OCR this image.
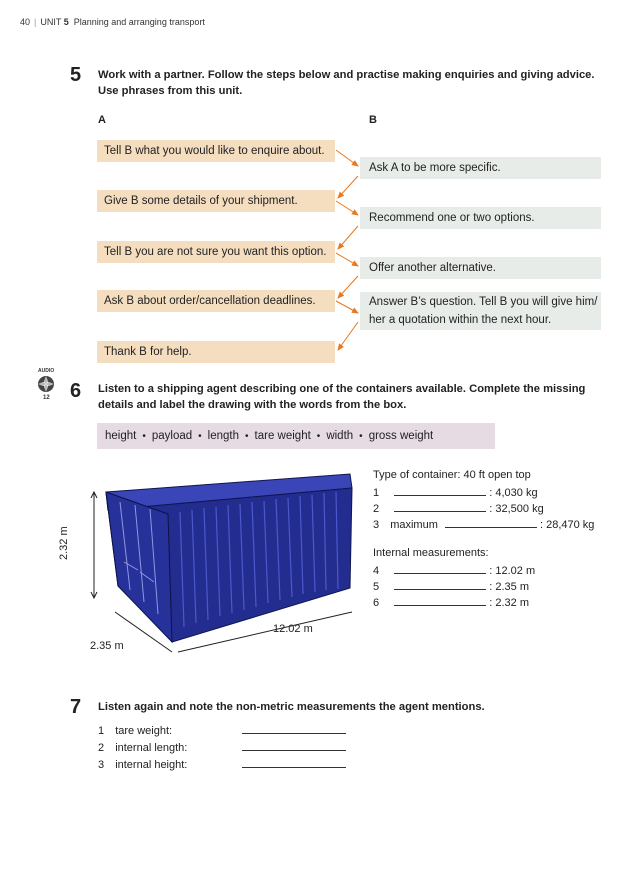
40 | UNIT 5 Planning and arranging transport
5 Work with a partner. Follow the steps below and practise making enquiries and giving advice.
Use phrases from this unit.
A	B
Tell B what you would like to enquire about.
Give B some details of your shipment.
Tell B you are not sure you want this option.
Ask B about order/cancellation deadlines.
Thank B for help.
Ask A to be more specific.
Recommend one or two options.
Offer another alternative.
Answer B’s question. Tell B you will give him/
her a quotation within the next hour.
AUDIO
12 6 Listen to a shipping agent describing one of the containers available. Complete the missing
details and label the drawing with the words from the box.
height • payload • length • tare weight • width • gross weight
2.32 m
12.02 m
2.35 m
Type of container: 40 ft open top
1	: 4,030 kg
2	: 32,500 kg
3 maximum	: 28,470 kg
Internal measurements:
4	: 12.02 m
5	: 2.35 m
6	: 2.32 m
7 Listen again and note the non-metric measurements the agent mentions.
1 tare weight:
2 internal length:
3 internal height:
